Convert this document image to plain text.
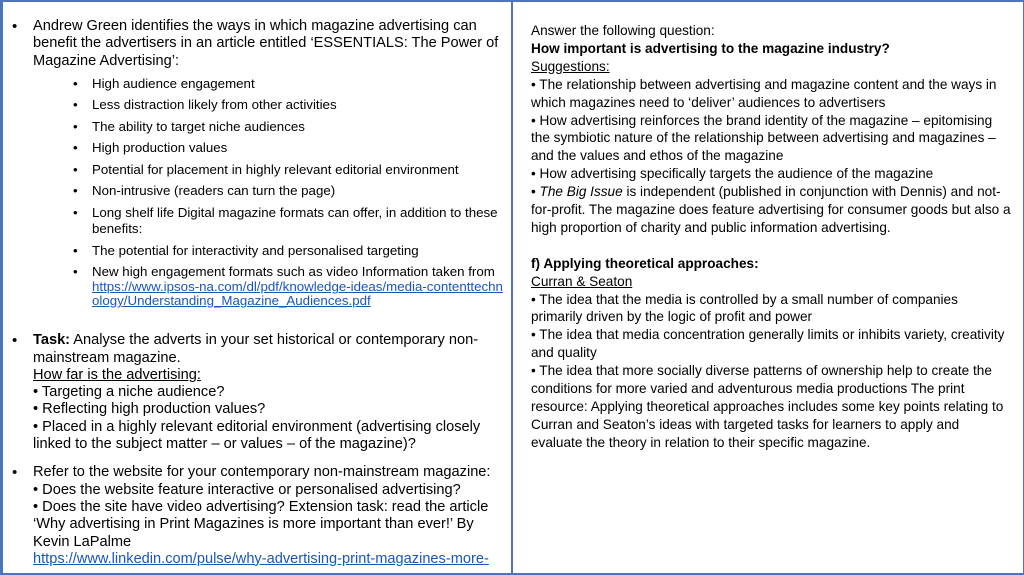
• Andrew Green identifies the ways in which magazine advertising can benefit the advertisers in an article entitled ‘ESSENTIALS: The Power of Magazine Advertising’:
• High audience engagement
• Less distraction likely from other activities
• The ability to target niche audiences
• High production values
• Potential for placement in highly relevant editorial environment
• Non-intrusive (readers can turn the page)
• Long shelf life Digital magazine formats can offer, in addition to these benefits:
• The potential for interactivity and personalised targeting
• New high engagement formats such as video Information taken from
https://www.ipsos-na.com/dl/pdf/knowledge-ideas/media-contenttechnology/Understanding_Magazine_Audiences.pdf
• Task: Analyse the adverts in your set historical or contemporary non-mainstream magazine.
How far is the advertising:
• Targeting a niche audience?
• Reflecting high production values?
• Placed in a highly relevant editorial environment (advertising closely linked to the subject matter – or values – of the magazine)?
• Refer to the website for your contemporary non-mainstream magazine:
• Does the website feature interactive or personalised advertising?
• Does the site have video advertising? Extension task: read the article ‘Why advertising in Print Magazines is more important than ever!’ By Kevin LaPalme
https://www.linkedin.com/pulse/why-advertising-print-magazines-more-
Answer the following question:
How important is advertising to the magazine industry?
Suggestions:
• The relationship between advertising and magazine content and the ways in which magazines need to ‘deliver’ audiences to advertisers
• How advertising reinforces the brand identity of the magazine – epitomising the symbiotic nature of the relationship between advertising and magazines – and the values and ethos of the magazine
• How advertising specifically targets the audience of the magazine
• The Big Issue is independent (published in conjunction with Dennis) and not-for-profit. The magazine does feature advertising for consumer goods but also a high proportion of charity and public information advertising.
f) Applying theoretical approaches:
Curran & Seaton
• The idea that the media is controlled by a small number of companies primarily driven by the logic of profit and power
• The idea that media concentration generally limits or inhibits variety, creativity and quality
• The idea that more socially diverse patterns of ownership help to create the conditions for more varied and adventurous media productions The print resource: Applying theoretical approaches includes some key points relating to Curran and Seaton’s ideas with targeted tasks for learners to apply and evaluate the theory in relation to their specific magazine.
